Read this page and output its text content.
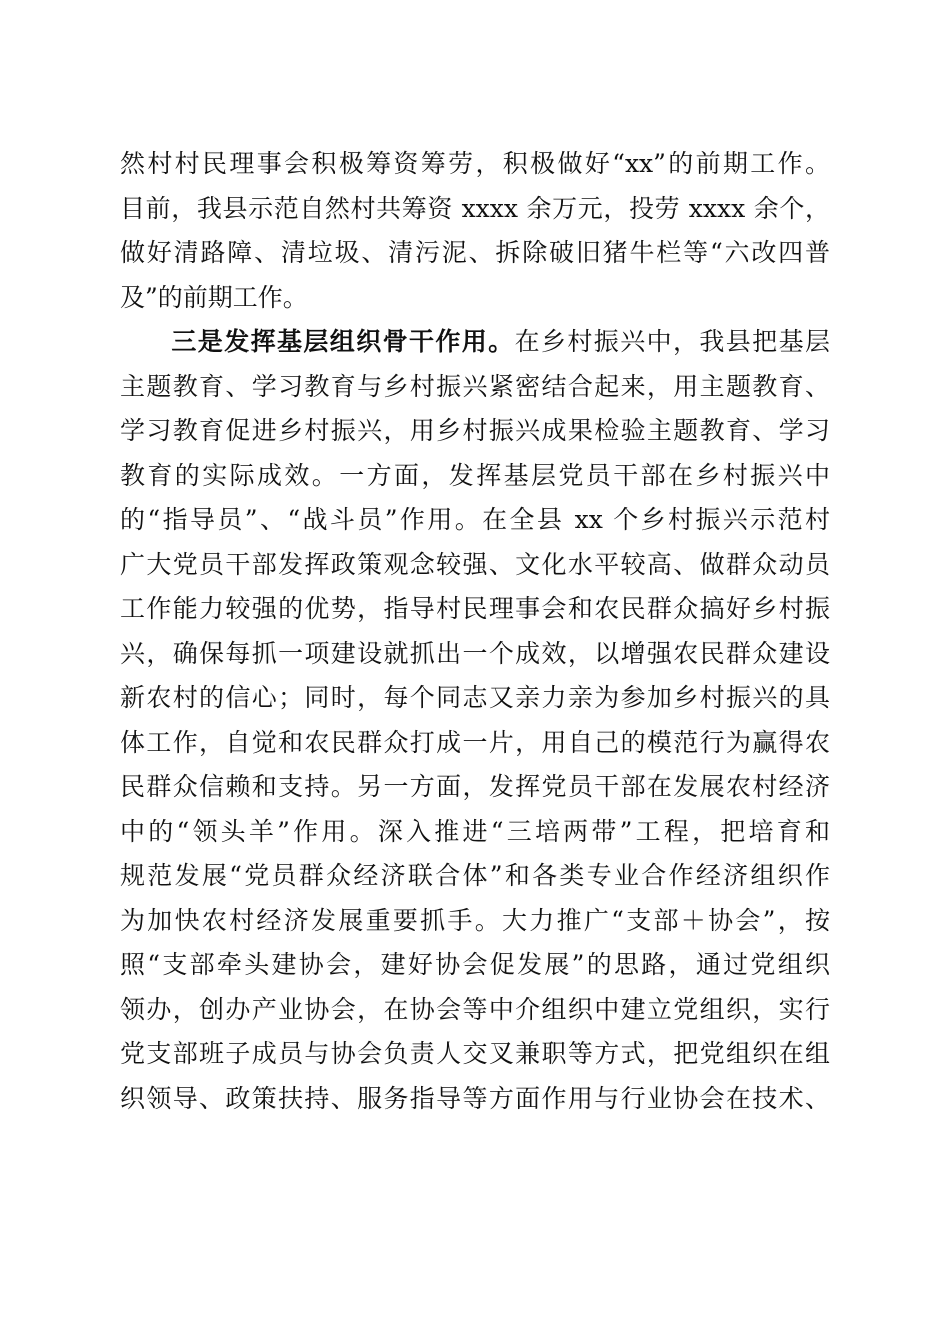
然村村民理事会积极筹资筹劳，积极做好“xx”的前期工作。
目前，我县示范自然村共筹资 xxxx 余万元，投劳 xxxx 余个，
做好清路障、清垃圾、清污泥、拆除破旧猪牛栏等“六改四普
及”的前期工作。
三是发挥基层组织骨干作用。在乡村振兴中，我县把基层
主题教育、学习教育与乡村振兴紧密结合起来，用主题教育、
学习教育促进乡村振兴，用乡村振兴成果检验主题教育、学习
教育的实际成效。一方面，发挥基层党员干部在乡村振兴中
的“指导员”、“战斗员”作用。在全县 xx 个乡村振兴示范村
广大党员干部发挥政策观念较强、文化水平较高、做群众动员
工作能力较强的优势，指导村民理事会和农民群众搞好乡村振
兴，确保每抓一项建设就抓出一个成效，以增强农民群众建设
新农村的信心；同时，每个同志又亲力亲为参加乡村振兴的具
体工作，自觉和农民群众打成一片，用自己的模范行为赢得农
民群众信赖和支持。另一方面，发挥党员干部在发展农村经济
中的“领头羊”作用。深入推进“三培两带”工程，把培育和
规范发展“党员群众经济联合体”和各类专业合作经济组织作
为加快农村经济发展重要抓手。大力推广“支部＋协会”，按
照“支部牵头建协会，建好协会促发展”的思路，通过党组织
领办，创办产业协会，在协会等中介组织中建立党组织，实行
党支部班子成员与协会负责人交叉兼职等方式，把党组织在组
织领导、政策扶持、服务指导等方面作用与行业协会在技术、
